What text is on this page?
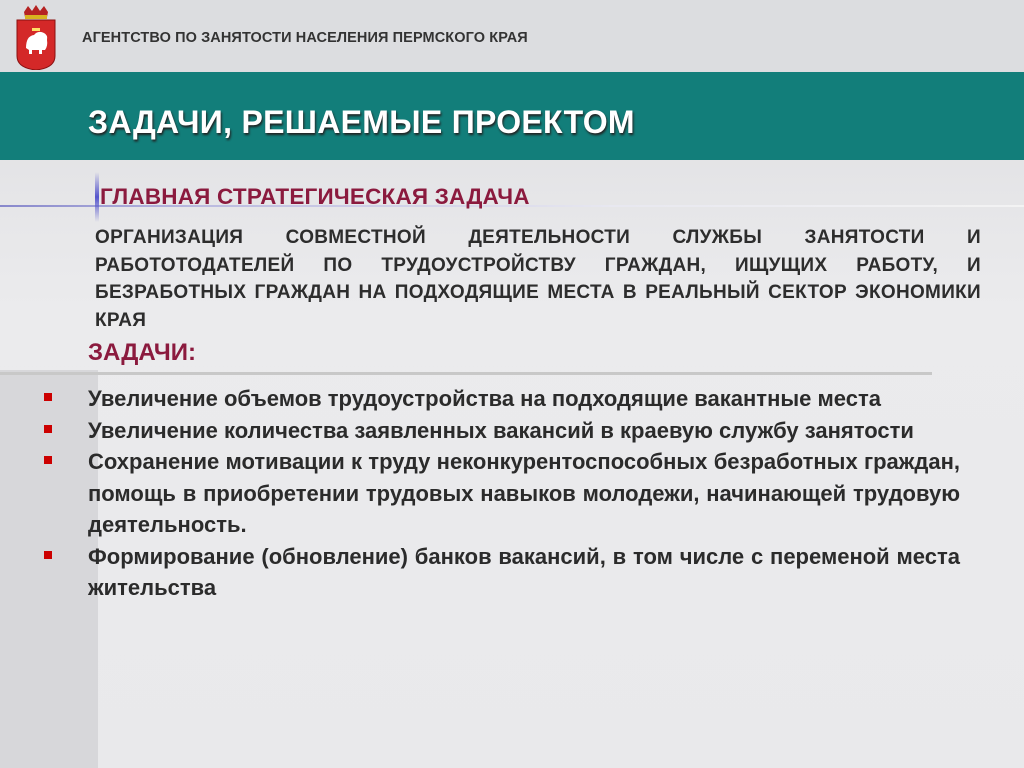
АГЕНТСТВО ПО ЗАНЯТОСТИ НАСЕЛЕНИЯ ПЕРМСКОГО КРАЯ
ЗАДАЧИ, РЕШАЕМЫЕ ПРОЕКТОМ
ГЛАВНАЯ СТРАТЕГИЧЕСКАЯ ЗАДАЧА
ОРГАНИЗАЦИЯ СОВМЕСТНОЙ ДЕЯТЕЛЬНОСТИ СЛУЖБЫ ЗАНЯТОСТИ И РАБОТОТОДАТЕЛЕЙ ПО ТРУДОУСТРОЙСТВУ ГРАЖДАН, ИЩУЩИХ РАБОТУ, И БЕЗРАБОТНЫХ ГРАЖДАН НА ПОДХОДЯЩИЕ МЕСТА В РЕАЛЬНЫЙ СЕКТОР ЭКОНОМИКИ КРАЯ
ЗАДАЧИ:
Увеличение объемов трудоустройства на подходящие вакантные места
Увеличение количества заявленных вакансий в краевую службу занятости
Сохранение мотивации к труду неконкурентоспособных безработных граждан, помощь в приобретении трудовых навыков молодежи, начинающей трудовую деятельность.
Формирование (обновление) банков вакансий, в том числе с переменой места жительства
